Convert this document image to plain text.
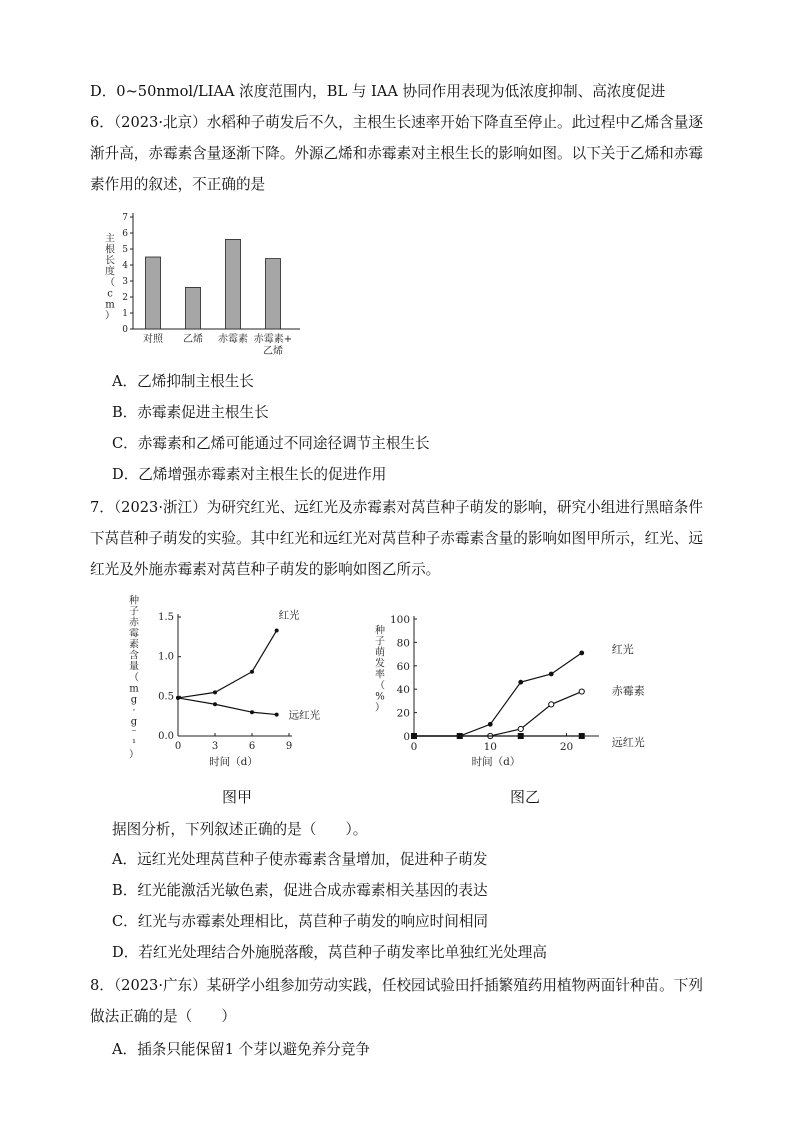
D．0~50nmol/LIAA 浓度范围内，BL 与 IAA 协同作用表现为低浓度抑制、高浓度促进
6．（2023·北京）水稻种子萌发后不久，主根生长速率开始下降直至停止。此过程中乙烯含量逐
渐升高，赤霉素含量逐渐下降。外源乙烯和赤霉素对主根生长的影响如图。以下关于乙烯和赤霉
素作用的叙述，不正确的是
0
1
2
3
4
5
6
7
主
根
长
度
（
c
m
）
对照 乙烯 赤霉素 赤霉素+
乙烯
A．乙烯抑制主根生长
B．赤霉素促进主根生长
C．赤霉素和乙烯可能通过不同途径调节主根生长
D．乙烯增强赤霉素对主根生长的促进作用
7．（2023·浙江）为研究红光、远红光及赤霉素对莴苣种子萌发的影响，研究小组进行黑暗条件
下莴苣种子萌发的实验。其中红光和远红光对莴苣种子赤霉素含量的影响如图甲所示，红光、远
红光及外施赤霉素对莴苣种子萌发的影响如图乙所示。
0.0
0.5
1.0
1.5
0	3	6	9
时间（d）
种
子
赤
霉
素
含
量
（
m
g
·
g
⁻
¹
）
红光
远红光
0
20
40
60
80
100
0	10	20
时间（d）
种
子
萌
发
率
（
%
）
红光
赤霉素
远红光
图甲	图乙
据图分析，下列叙述正确的是（　　）。
A．远红光处理莴苣种子使赤霉素含量增加，促进种子萌发
B．红光能激活光敏色素，促进合成赤霉素相关基因的表达
C．红光与赤霉素处理相比，莴苣种子萌发的响应时间相同
D．若红光处理结合外施脱落酸，莴苣种子萌发率比单独红光处理高
8．（2023·广东）某研学小组参加劳动实践，任校园试验田扦插繁殖药用植物两面针种苗。下列
做法正确的是（　　）
A．插条只能保留1 个芽以避免养分竞争
